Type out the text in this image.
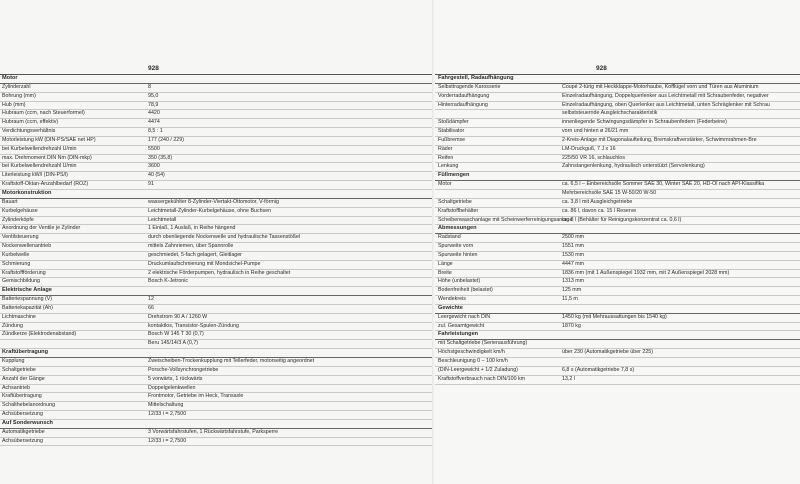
928
Motor
Zylinderzahl	8
Bohrung (mm)	95,0
Hub (mm)	78,9
Hubraum (ccm, nach Steuerformel)	4420
Hubraum (ccm, effektiv)	4474
Verdichtungsverhältnis	8,5 : 1
Motorleistung kW (DIN-PS/SAE net HP)	177 (240 / 229)
bei Kurbelwellendrehzahl U/min	5500
max. Drehmoment DIN Nm (DIN-mkp)	350 (35,8)
bei Kurbelwellendrehzahl U/min	3600
Literleistung kW/l (DIN-PS/l)	40 (54)
Kraftstoff-Oktan-Anzahlbedarf (ROZ)	91
Motorkonstruktion
Bauart	wassergekühlter 8-Zylinder-Viertakt-Ottomotor, V-förmig
Kurbelgehäuse	Leichtmetall-Zylinder-Kurbelgehäuse, ohne Buchsen
Zylinderköpfe	Leichtmetall
Anordnung der Ventile je Zylinder	1 Einlaß, 1 Auslaß, in Reihe hängend
Ventilsteuerung	durch obenliegende Nockenwelle und hydraulische Tassenstößel
Nockenwellenantrieb	mittels Zahnriemen, über Spannrolle
Kurbelwelle	geschmiedet, 5-fach gelagert, Gleitlager
Schmierung	Druckumlaufschmierung mit Mondsichel-Pumpe
Kraftstoffförderung	2 elektrische Förderpumpen, hydraulisch in Reihe geschaltet
Gemischbildung	Bosch K-Jetronic
Elektrische Anlage
Batteriespannung (V)	12
Batteriekapazität (Ah)	66
Lichtmaschine	Drehstrom 90 A / 1260 W
Zündung	kontaktlos, Transistor-Spulen-Zündung
Zündkerze (Elektrodenabstand)	Bosch W 145 T 30 (0,7)
Beru 145/14/3 A (0,7)
Kraftübertragung
Kupplung	Zweischeiben-Trockenkupplung mit Tellerfeder, motorseitig angeordnet
Schaltgetriebe	Porsche-Vollsynchrongetriebe
Anzahl der Gänge	5 vorwärts, 1 rückwärts
Achsantrieb	Doppelgelenkwellen
Kraftübertragung	Frontmotor, Getriebe im Heck, Transaxle
Schalthebelanordnung	Mittelschaltung
Achsübersetzung	12/33 i = 2,7500
Auf Sonderwunsch
Automatikgetriebe	3 Vorwärtsfahrstufen, 1 Rückwärtsfahrstufe, Parksperre
Achsübersetzung	12/33 i = 2,7500
928
Fahrgestell, Radaufhängung
Selbsttragende Karosserie	Coupé 2-türig mit Heckklappe-Motorhaube, Kofflügel vorn und Türen aus Aluminium
Vorderradaufhängung	Einzelradaufhängung, Doppelquerlenker aus Leichtmetall mit Schraubenfeder, negativer
Hinterradaufhängung	Einzelradaufhängung, oben Querlenker aus Leichtmetall, unten Schräglenker mit Schrau
selbststeuernde Ausgleichscharakteristik
Stoßdämpfer	innenliegende Schwingungsdämpfer in Schraubenfedern (Federbeine)
Stabilisator	vorn und hinten ø 26/21 mm
Fußbremse	2-Kreis-Anlage mit Diagonalaufteilung, Bremskraftverstärker, Schwimmrahmen-Bre
Räder	LM-Druckguß, 7 J x 16
Reifen	225/50 VR 16, schlauchlos
Lenkung	Zahnstangenlenkung, hydraulisch unterstützt (Servolenkung)
Füllmengen
Motor	ca. 6,5 l – Einbereichsöle Sommer SAE 30, Winter SAE 20, HD-Öl nach API-Klassifika
Mehrbereichsöle SAE 15 W-50/20 W-50
Schaltgetriebe	ca. 3,8 l mit Ausgleichgetriebe
Kraftstoffbehälter	ca. 86 l, davon ca. 15 l Reserve
Scheibenwaschanlage mit Scheinwerferreinigungsanlage
ca. 8 l (Behälter für Reinigungskonzentrat ca. 0,6 l)
Abmessungen
Radstand	2500 mm
Spurweite vorn	1551 mm
Spurweite hinten	1530 mm
Länge	4447 mm
Breite	1836 mm (mit 1 Außenspiegel 1932 mm, mit 2 Außenspiegel 2028 mm)
Höhe (unbelastet)	1313 mm
Bodenfreiheit (belastet)	125 mm
Wendekreis	11,5 m
Gewichte
Leergewicht nach DIN	1450 kg (mit Mehraussattungen bis 1540 kg)
zul. Gesamtgewicht	1870 kg
Fahrleistungen
mit Schaltgetriebe (Serienausführung)
Höchstgeschwindigkeit km/h	über 230 (Automatikgetriebe über 225)
Beschleunigung 0 – 100 km/h
(DIN-Leergewicht + 1/2 Zuladung)	6,8 s (Automatikgetriebe 7,8 s)
Kraftstoffverbrauch nach DIN/100 km	13,2 l
